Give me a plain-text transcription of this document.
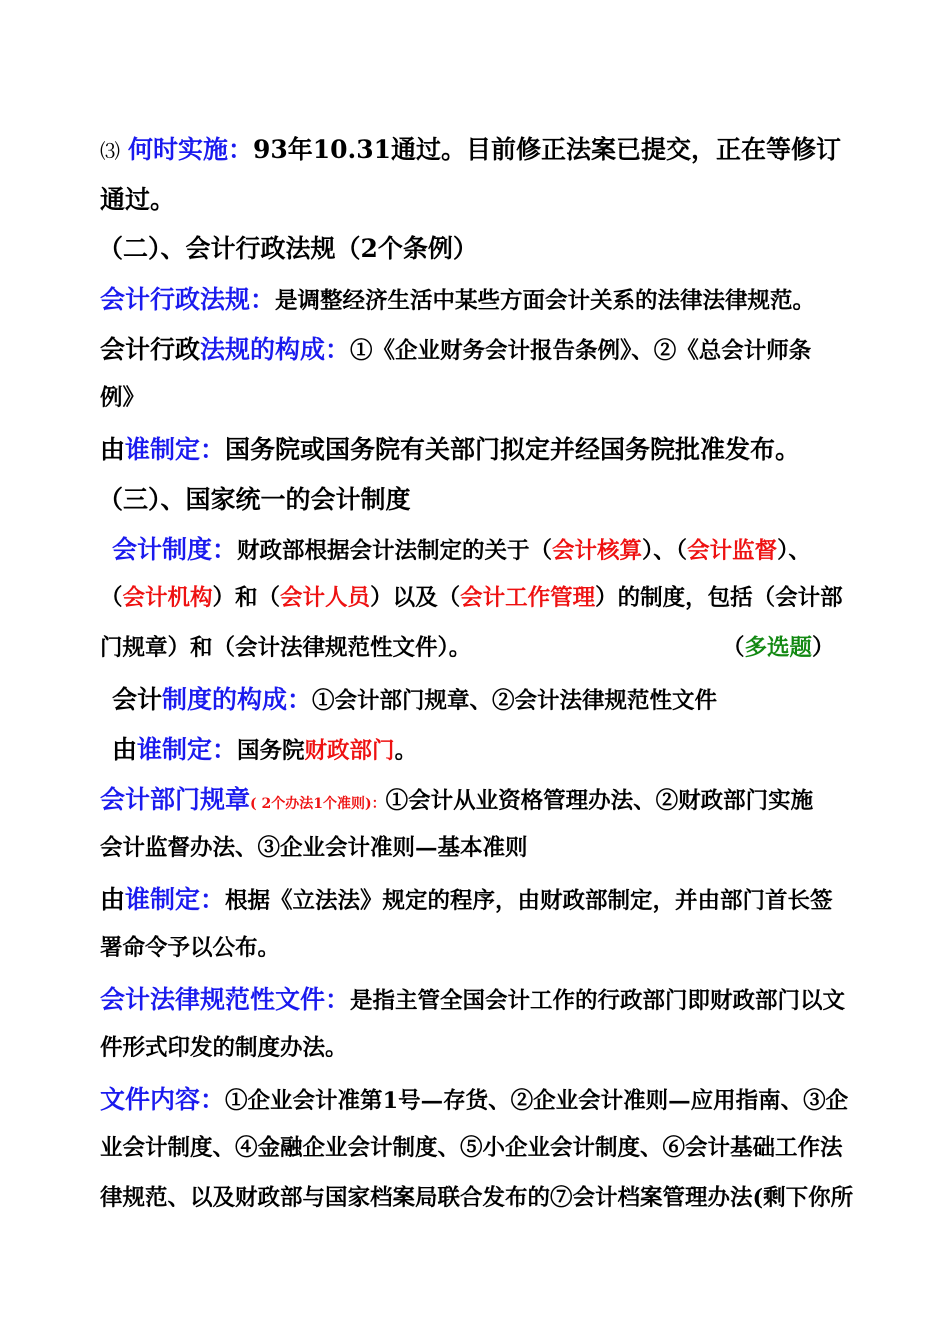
⑶ 何时实施：93年10.31通过。目前修正法案已提交，正在等修订
通过。
（二）、会计行政法规（2个条例）
会计行政法规：是调整经济生活中某些方面会计关系的法律法律规范。
会计行政法规的构成：①《企业财务会计报告条例》、②《总会计师条
例》
由谁制定：国务院或国务院有关部门拟定并经国务院批准发布。
（三）、国家统一的会计制度
会计制度：财政部根据会计法制定的关于（会计核算）、（会计监督）、
（会计机构）和（会计人员）以及（会计工作管理）的制度，包括（会计部
门规章）和（会计法律规范性文件）。	（多选题）
会计制度的构成：①会计部门规章、②会计法律规范性文件
由谁制定：国务院财政部门。
会计部门规章( 2个办法1个准则)：①会计从业资格管理办法、②财政部门实施
会计监督办法、③企业会计准则—基本准则
由谁制定：根据《立法法》规定的程序，由财政部制定，并由部门首长签
署命令予以公布。
会计法律规范性文件：是指主管全国会计工作的行政部门即财政部门以文
件形式印发的制度办法。
文件内容：①企业会计准第1号—存货、②企业会计准则—应用指南、③企
业会计制度、④金融企业会计制度、⑤小企业会计制度、⑥会计基础工作法
律规范、以及财政部与国家档案局联合发布的⑦会计档案管理办法(剩下你所
